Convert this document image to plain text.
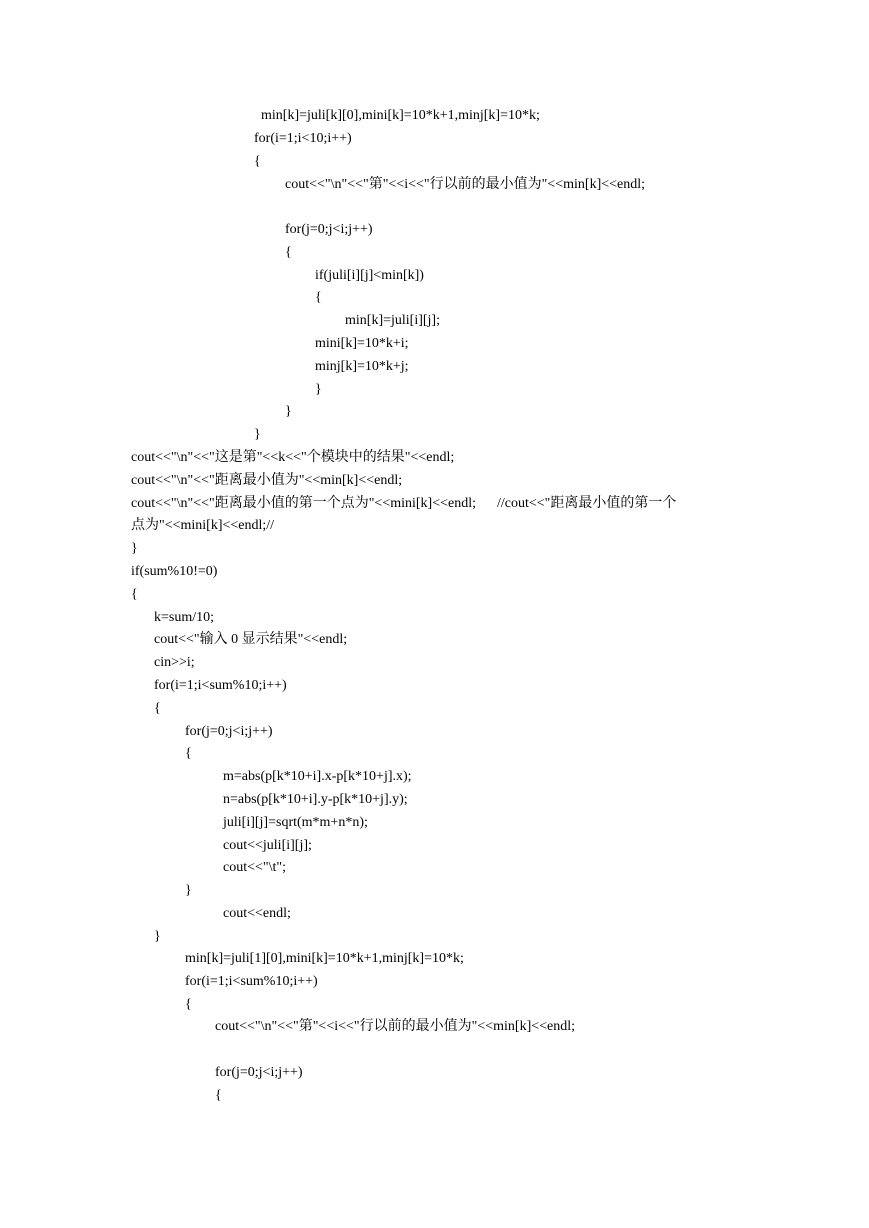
min[k]=juli[k][0],mini[k]=10*k+1,minj[k]=10*k;
for(i=1;i<10;i++)
{
cout<<"\n"<<"第"<<i<<"行以前的最小值为"<<min[k]<<endl;
for(j=0;j<i;j++)
{
if(juli[i][j]<min[k])
{
min[k]=juli[i][j];
mini[k]=10*k+i;
minj[k]=10*k+j;
}
}
}
cout<<"\n"<<"这是第"<<k<<"个模块中的结果"<<endl;
cout<<"\n"<<"距离最小值为"<<min[k]<<endl;
cout<<"\n"<<"距离最小值的第一个点为"<<mini[k]<<endl;      //cout<<"距离最小值的第一个
点为"<<mini[k]<<endl;//
}
if(sum%10!=0)
{
k=sum/10;
cout<<"输入 0 显示结果"<<endl;
cin>>i;
for(i=1;i<sum%10;i++)
{
for(j=0;j<i;j++)
{
m=abs(p[k*10+i].x-p[k*10+j].x);
n=abs(p[k*10+i].y-p[k*10+j].y);
juli[i][j]=sqrt(m*m+n*n);
cout<<juli[i][j];
cout<<"\t";
}
cout<<endl;
}
min[k]=juli[1][0],mini[k]=10*k+1,minj[k]=10*k;
for(i=1;i<sum%10;i++)
{
cout<<"\n"<<"第"<<i<<"行以前的最小值为"<<min[k]<<endl;
for(j=0;j<i;j++)
{
